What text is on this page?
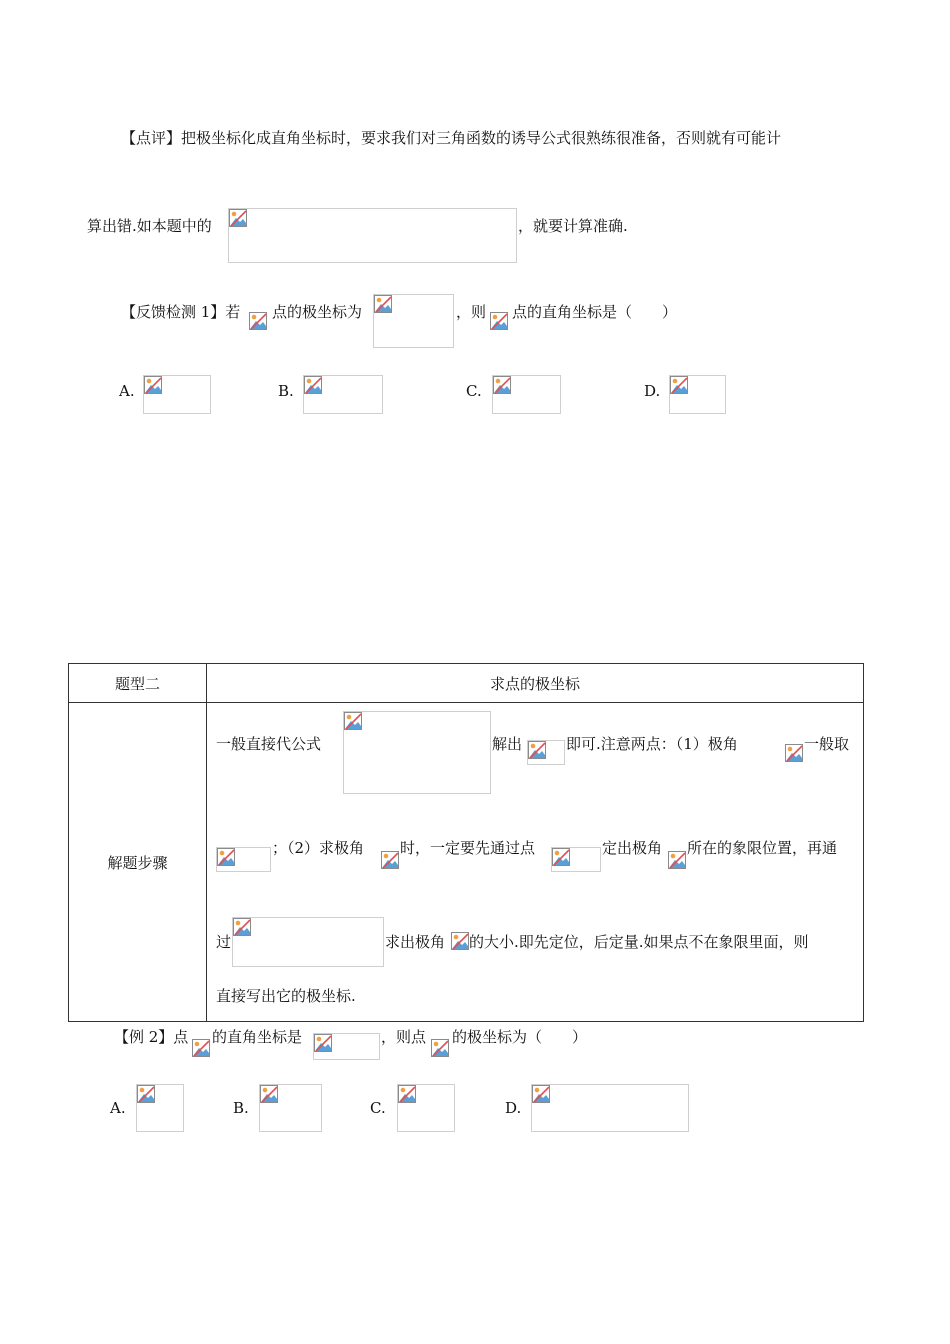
【点评】把极坐标化成直角坐标时，要求我们对三角函数的诱导公式很熟练很准备，否则就有可能计
算出错.如本题中的	，就要计算准确.
【反馈检测 1】若 点的极坐标为	，则 点的直角坐标是（　　）
A.	B.	C.	D.
题型二	求点的极坐标
解题步骤	
一般直接代公式	解出	即可.注意两点：（1）极角	一般取
；（2）求极角 时，一定要先通过点	定出极角 所在的象限位置，再通
过	求出极角 的大小.即先定位，后定量.如果点不在象限里面，则
直接写出它的极坐标.
【例 2】点 的直角坐标是	，则点 的极坐标为（　　）
A.	B.	C.	D.
